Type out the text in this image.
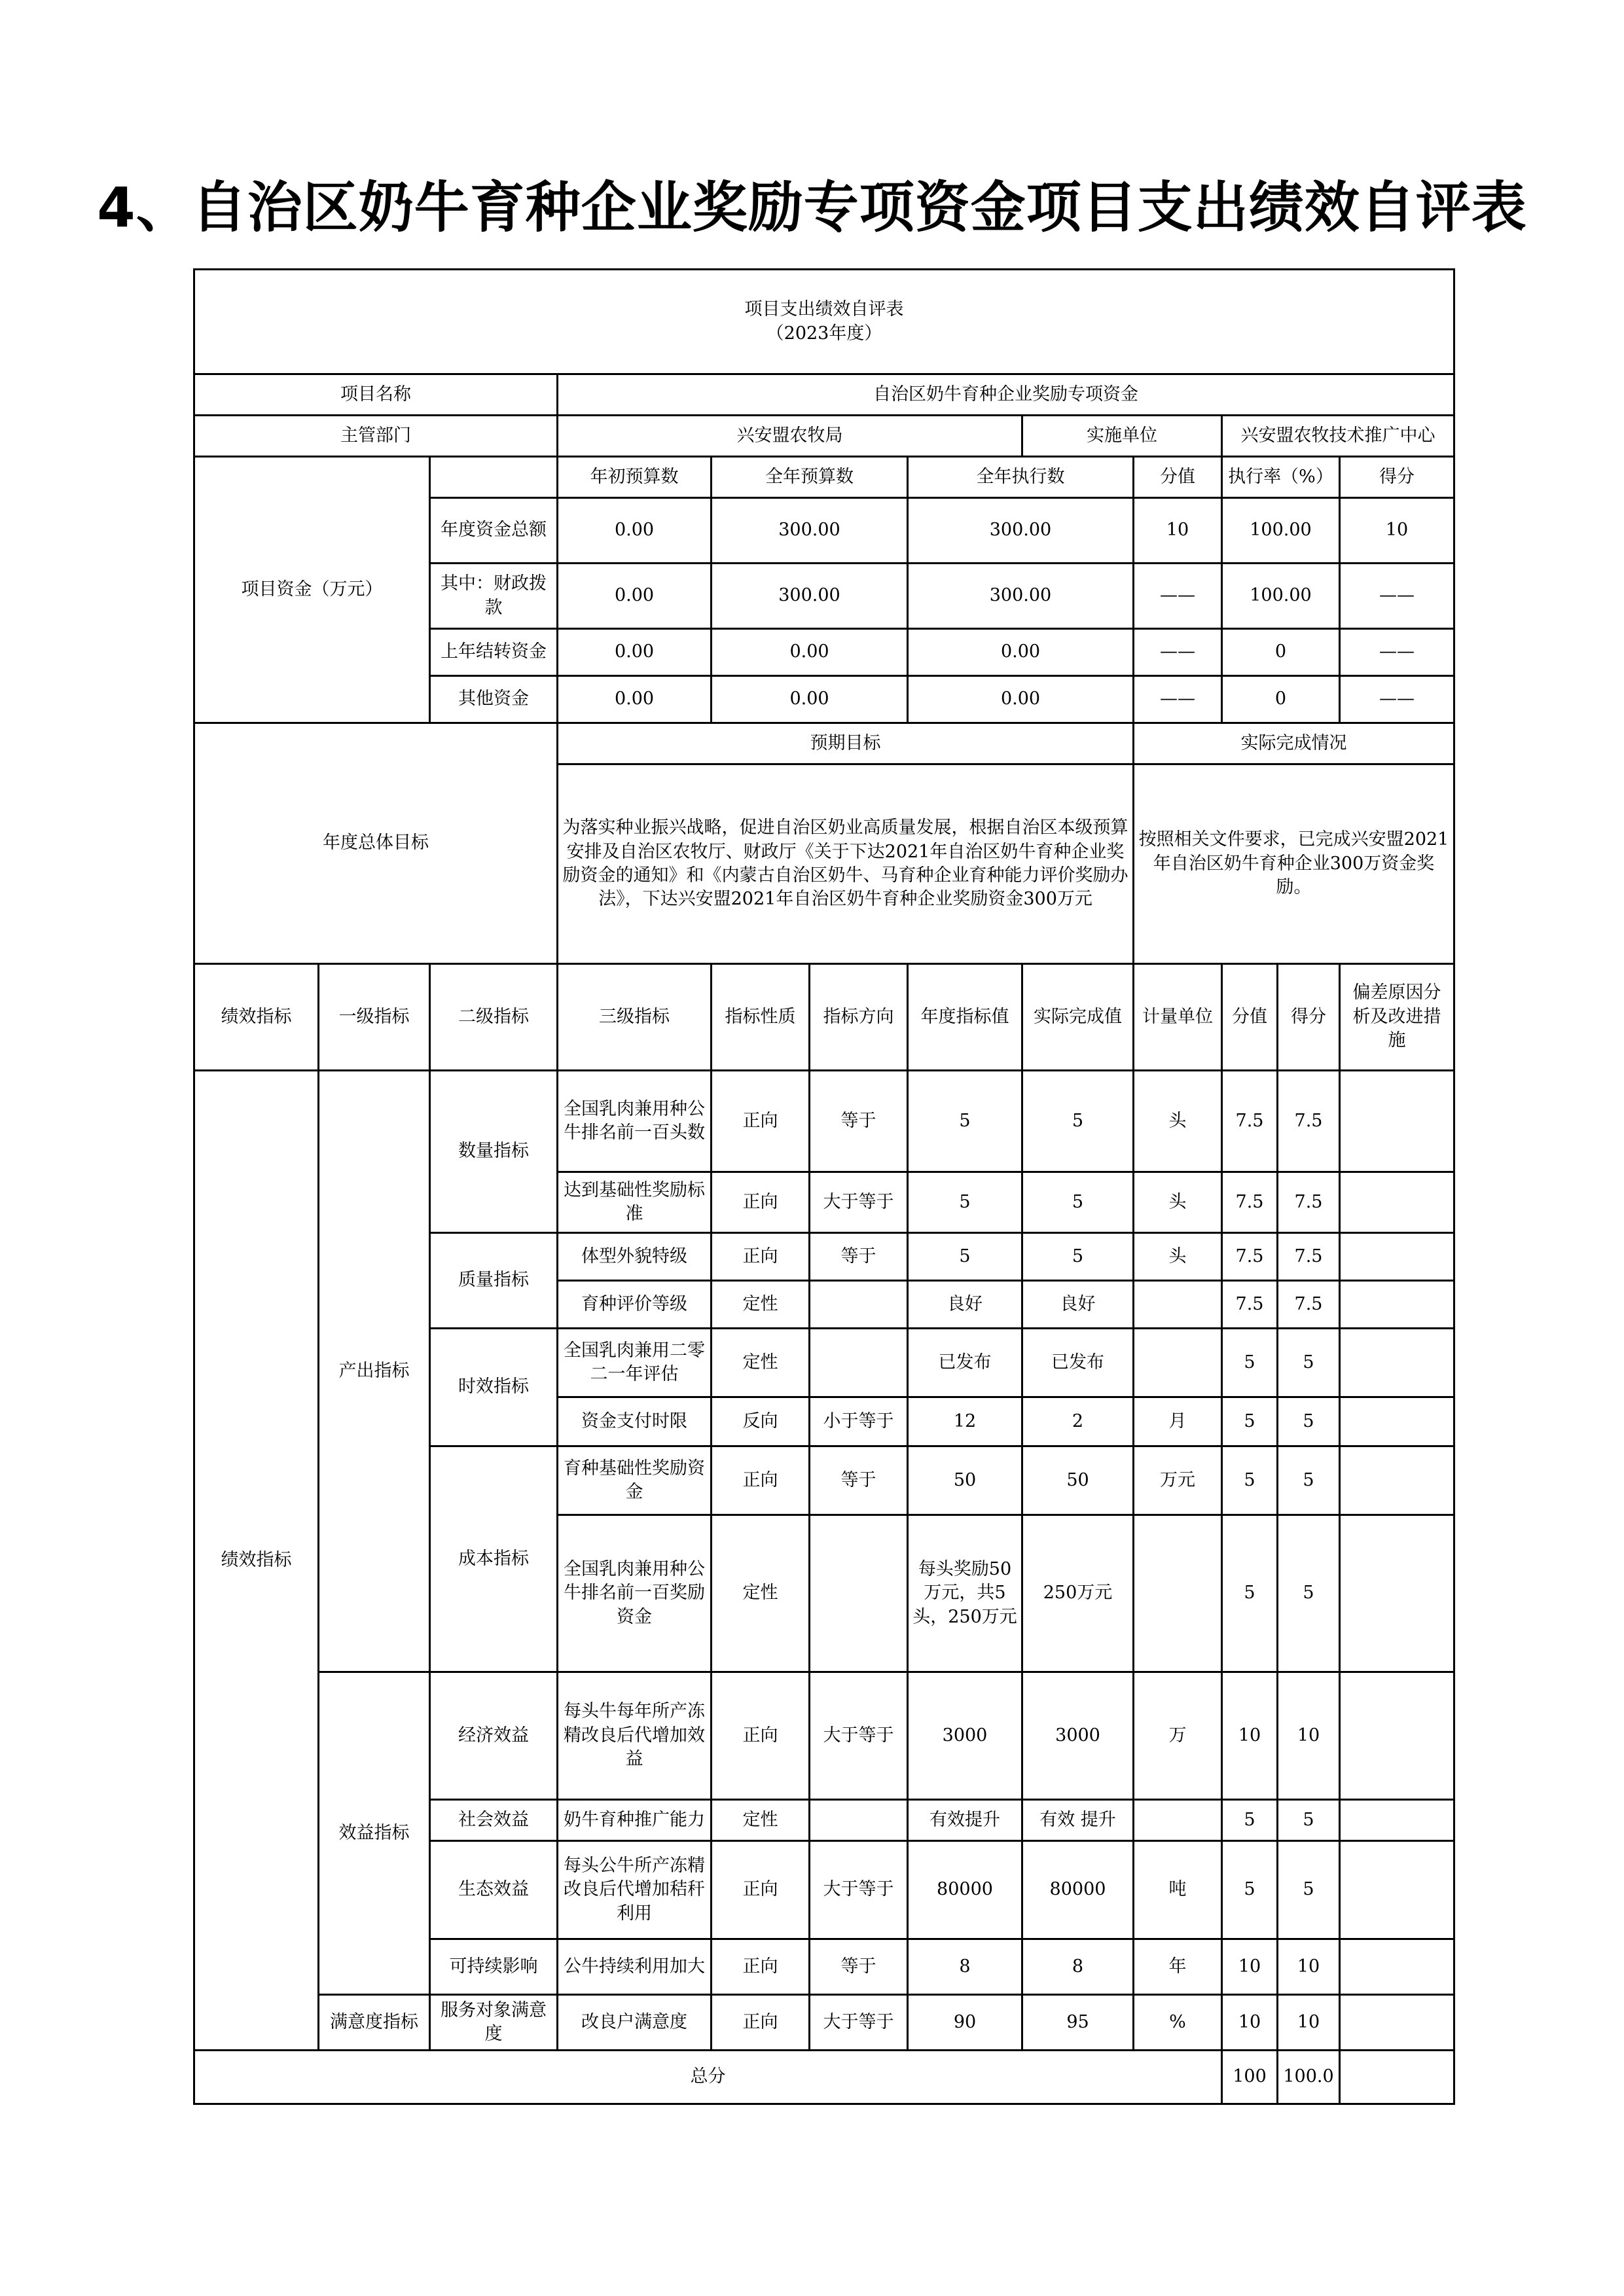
4、自治区奶牛育种企业奖励专项资金项目支出绩效自评表
项目支出绩效自评表
（2023年度）											

项目名称			自治区奶牛育种企业奖励专项资金								
主管部门			兴安盟农牧局				实施单位		兴安盟农牧技术推广中心		
项目资金（万元）			年初预算数	全年预算数		全年执行数		分值	执行率（%）		得分
		年度资金总额	0.00	300.00		300.00		10	100.00		10
		其中：财政拨款	0.00	300.00		300.00		——	100.00		——
		上年结转资金	0.00	0.00		0.00		——	0		——
		其他资金	0.00	0.00		0.00		——	0		——
年度总体目标			预期目标					实际完成情况			
			为落实种业振兴战略，促进自治区奶业高质量发展，根据自治区本级预算安排及自治区农牧厅、财政厅《关于下达2021年自治区奶牛育种企业奖励资金的通知》和《内蒙古自治区奶牛、马育种企业育种能力评价奖励办法》，下达兴安盟2021年自治区奶牛育种企业奖励资金300万元					按照相关文件要求，已完成兴安盟2021年自治区奶牛育种企业300万资金奖励。			
绩效指标	一级指标	二级指标	三级指标	指标性质	指标方向	年度指标值	实际完成值	计量单位	分值	得分	偏差原因分析及改进措施
绩效指标	产出指标	数量指标	全国乳肉兼用种公牛排名前一百头数	正向	等于	5	5	头	7.5	7.5	
			达到基础性奖励标准	正向	大于等于	5	5	头	7.5	7.5	
		质量指标	体型外貌特级	正向	等于	5	5	头	7.5	7.5	
			育种评价等级	定性		良好	良好		7.5	7.5	
		时效指标	全国乳肉兼用二零二一年评估	定性		已发布	已发布		5	5	
			资金支付时限	反向	小于等于	12	2	月	5	5	
		成本指标	育种基础性奖励资金	正向	等于	50	50	万元	5	5	
			全国乳肉兼用种公牛排名前一百奖励资金	定性		每头奖励50万元，共5头，250万元	250万元		5	5	
	效益指标	经济效益	每头牛每年所产冻精改良后代增加效益	正向	大于等于	3000	3000	万	10	10	
		社会效益	奶牛育种推广能力	定性		有效提升	有效 提升		5	5	
		生态效益	每头公牛所产冻精改良后代增加秸秆利用	正向	大于等于	80000	80000	吨	5	5	
		可持续影响	公牛持续利用加大	正向	等于	8	8	年	10	10	
	满意度指标	服务对象满意度	改良户满意度	正向	大于等于	90	95	%	10	10	
总分									100	100.0	
